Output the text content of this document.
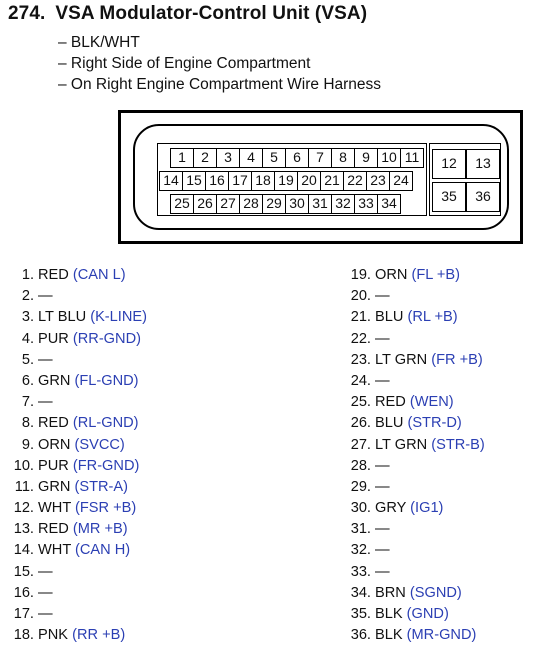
274. VSA Modulator-Control Unit (VSA)
– BLK/WHT
– Right Side of Engine Compartment
– On Right Engine Compartment Wire Harness
1	2	3	4	5	6	7	8	9 10 11
14 15 16 17 18 19 20 21 22 23 24
25 26 27 28 29 30 31 32 33 34
12	13
35	36
1. RED (CAN L)
2. —
3. LT BLU (K-LINE)
4. PUR (RR-GND)
5. —
6. GRN (FL-GND)
7. —
8. RED (RL-GND)
9. ORN (SVCC)
10. PUR (FR-GND)
11. GRN (STR-A)
12. WHT (FSR +B)
13. RED (MR +B)
14. WHT (CAN H)
15. —
16. —
17. —
18. PNK (RR +B)
19. ORN (FL +B)
20. —
21. BLU (RL +B)
22. —
23. LT GRN (FR +B)
24. —
25. RED (WEN)
26. BLU (STR-D)
27. LT GRN (STR-B)
28. —
29. —
30. GRY (IG1)
31. —
32. —
33. —
34. BRN (SGND)
35. BLK (GND)
36. BLK (MR-GND)
